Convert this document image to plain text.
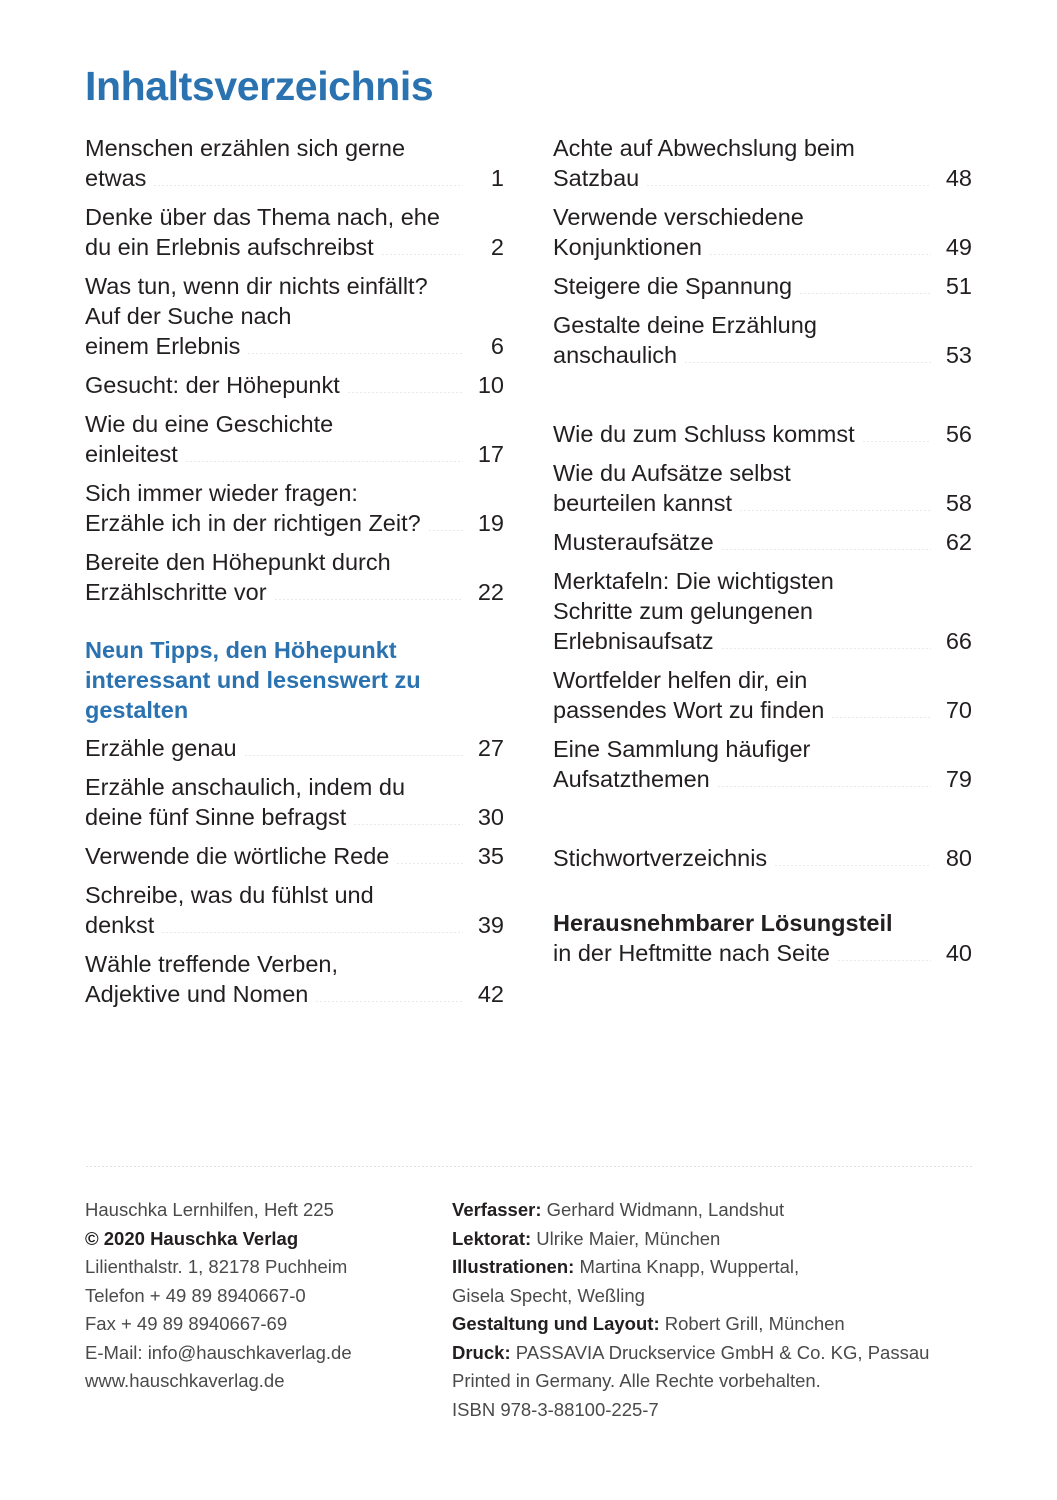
Inhaltsverzeichnis
Menschen erzählen sich gerne
etwas	1
Denke über das Thema nach, ehe
du ein Erlebnis aufschreibst	2
Was tun, wenn dir nichts einfällt?
Auf der Suche nach
einem Erlebnis	6
Gesucht: der Höhepunkt	10
Wie du eine Geschichte
einleitest	17
Sich immer wieder fragen:
Erzähle ich in der richtigen Zeit?	19
Bereite den Höhepunkt durch
Erzählschritte vor	22
Neun Tipps, den Höhepunkt interessant und lesenswert zu gestalten
Erzähle genau	27
Erzähle anschaulich, indem du
deine fünf Sinne befragst	30
Verwende die wörtliche Rede	35
Schreibe, was du fühlst und
denkst	39
Wähle treffende Verben,
Adjektive und Nomen	42
Achte auf Abwechslung beim
Satzbau	48
Verwende verschiedene
Konjunktionen	49
Steigere die Spannung	51
Gestalte deine Erzählung
anschaulich	53
Wie du zum Schluss kommst	56
Wie du Aufsätze selbst
beurteilen kannst	58
Musteraufsätze	62
Merktafeln: Die wichtigsten
Schritte zum gelungenen
Erlebnisaufsatz	66
Wortfelder helfen dir, ein
passendes Wort zu finden	70
Eine Sammlung häufiger
Aufsatzthemen	79
Stichwortverzeichnis	80
Herausnehmbarer Lösungsteil
in der Heftmitte nach Seite	40
Hauschka Lernhilfen, Heft 225
© 2020 Hauschka Verlag
Lilienthalstr. 1, 82178 Puchheim
Telefon + 49 89 8940667-0
Fax + 49 89 8940667-69
E-Mail: info@hauschkaverlag.de
www.hauschkaverlag.de
Verfasser: Gerhard Widmann, Landshut
Lektorat: Ulrike Maier, München
Illustrationen: Martina Knapp, Wuppertal,
Gisela Specht, Weßling
Gestaltung und Layout: Robert Grill, München
Druck: PASSAVIA Druckservice GmbH & Co. KG, Passau
Printed in Germany. Alle Rechte vorbehalten.
ISBN 978-3-88100-225-7
